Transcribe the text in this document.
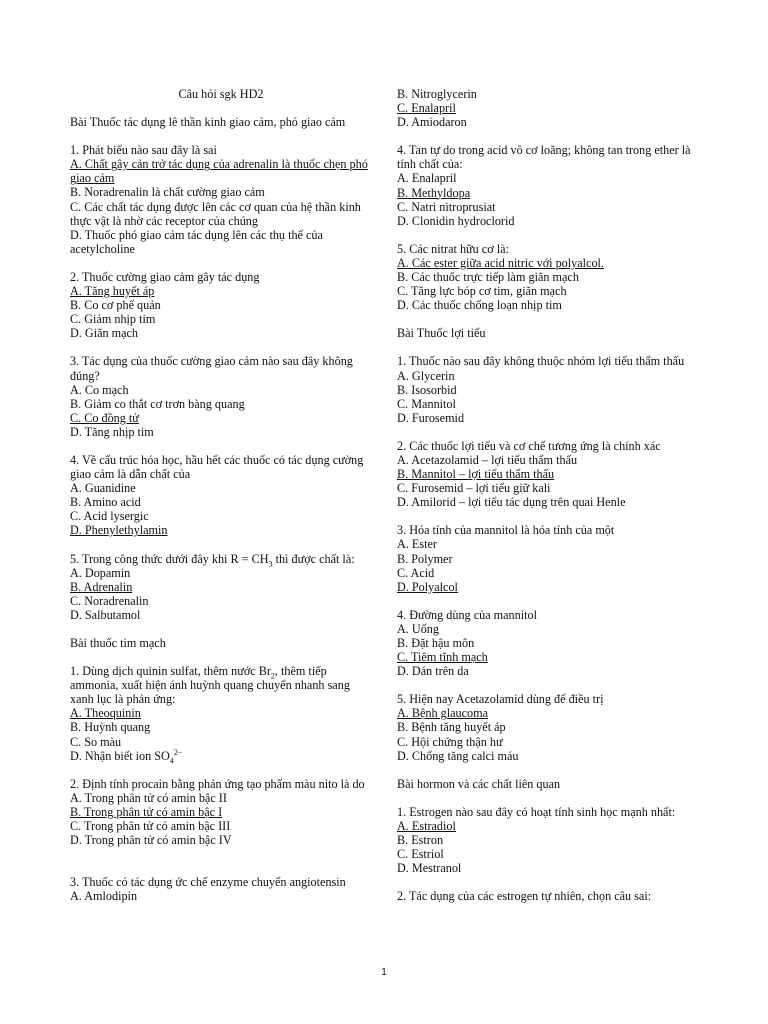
Câu hỏi sgk HD2
Bài Thuốc tác dụng lê thần kinh giao cảm, phó giao cảm
1. Phát biểu nào sau đây là sai
A. Chất gây cản trở tác dụng của adrenalin là thuốc chẹn phó giao cảm
B. Noradrenalin là chất cường giao cảm
C. Các chất tác dụng được lên các cơ quan của hệ thần kinh thực vật là nhờ các receptor của chúng
D. Thuốc phó giao cảm tác dụng lên các thụ thể của acetylcholine
2. Thuốc cường giao cảm gây tác dụng
A. Tăng huyết áp
B. Co cơ phế quản
C. Giảm nhịp tim
D. Giãn mạch
3. Tác dụng của thuốc cường giao cảm nào sau đây không đúng?
A. Co mạch
B. Giảm co thắt cơ trơn bàng quang
C. Co đồng tử
D. Tăng nhịp tim
4. Về cấu trúc hóa học, hầu hết các thuốc có tác dụng cường giao cảm là dẫn chất của
A. Guanidine
B. Amino acid
C. Acid lysergic
D. Phenylethylamin
5. Trong công thức dưới đây khi $R = CH_3$ thì được chất là:
A. Dopamin
B. Adrenalin
C. Noradrenalin
D. Salbutamol
Bài thuốc tim mạch
1. Dùng dịch quinin sulfat, thêm nước $Br_2$, thêm tiếp ammonia, xuất hiện ánh huỳnh quang chuyển nhanh sang xanh lục là phản ứng:
A. Theoquinin
B. Huỳnh quang
C. So màu
D. Nhận biết ion $SO_4^{2-}$
2. Định tính procain bằng phản ứng tạo phẩm màu nito là do
A. Trong phân tử có amin bậc II
B. Trong phân tử có amin bậc I
C. Trong phân tử có amin bậc III
D. Trong phân tử có amin bậc IV
3. Thuốc có tác dụng ức chế enzyme chuyển angiotensin
A. Amlodipin
B. Nitroglycerin
C. Enalapril
D. Amiodaron
4. Tan tự do trong acid vô cơ loãng; không tan trong ether là tính chất của:
A. Enalapril
B. Methyldopa
C. Natri nitroprusiat
D. Clonidin hydroclorid
5. Các nitrat hữu cơ là:
A. Các ester giữa acid nitric với polyalcol.
B. Các thuốc trực tiếp làm giãn mạch
C. Tăng lực bóp cơ tim, giãn mạch
D. Các thuốc chống loạn nhịp tim
Bài Thuốc lợi tiểu
1. Thuốc nào sau đây không thuộc nhóm lợi tiểu thẩm thấu
A. Glycerin
B. Isosorbid
C. Mannitol
D. Furosemid
2. Các thuốc lợi tiểu và cơ chế tương ứng là chính xác
A. Acetazolamid – lợi tiểu thẩm thấu
B. Mannitol – lợi tiểu thẩm thấu
C. Furosemid – lợi tiểu giữ kali
D. Amilorid – lợi tiểu tác dụng trên quai Henle
3. Hóa tính của mannitol là hóa tính của một
A. Ester
B. Polymer
C. Acid
D. Polyalcol
4. Đường dùng của mannitol
A. Uống
B. Đặt hậu môn
C. Tiêm tĩnh mạch
D. Dán trên da
5. Hiện nay Acetazolamid dùng để điều trị
A. Bệnh glaucoma
B. Bệnh tăng huyết áp
C. Hội chứng thận hư
D. Chống tăng calci máu
Bài hormon và các chất liên quan
1. Estrogen nào sau đây có hoạt tính sinh học mạnh nhất:
A. Estradiol
B. Estron
C. Estriol
D. Mestranol
2. Tác dụng của các estrogen tự nhiên, chọn câu sai:
1
